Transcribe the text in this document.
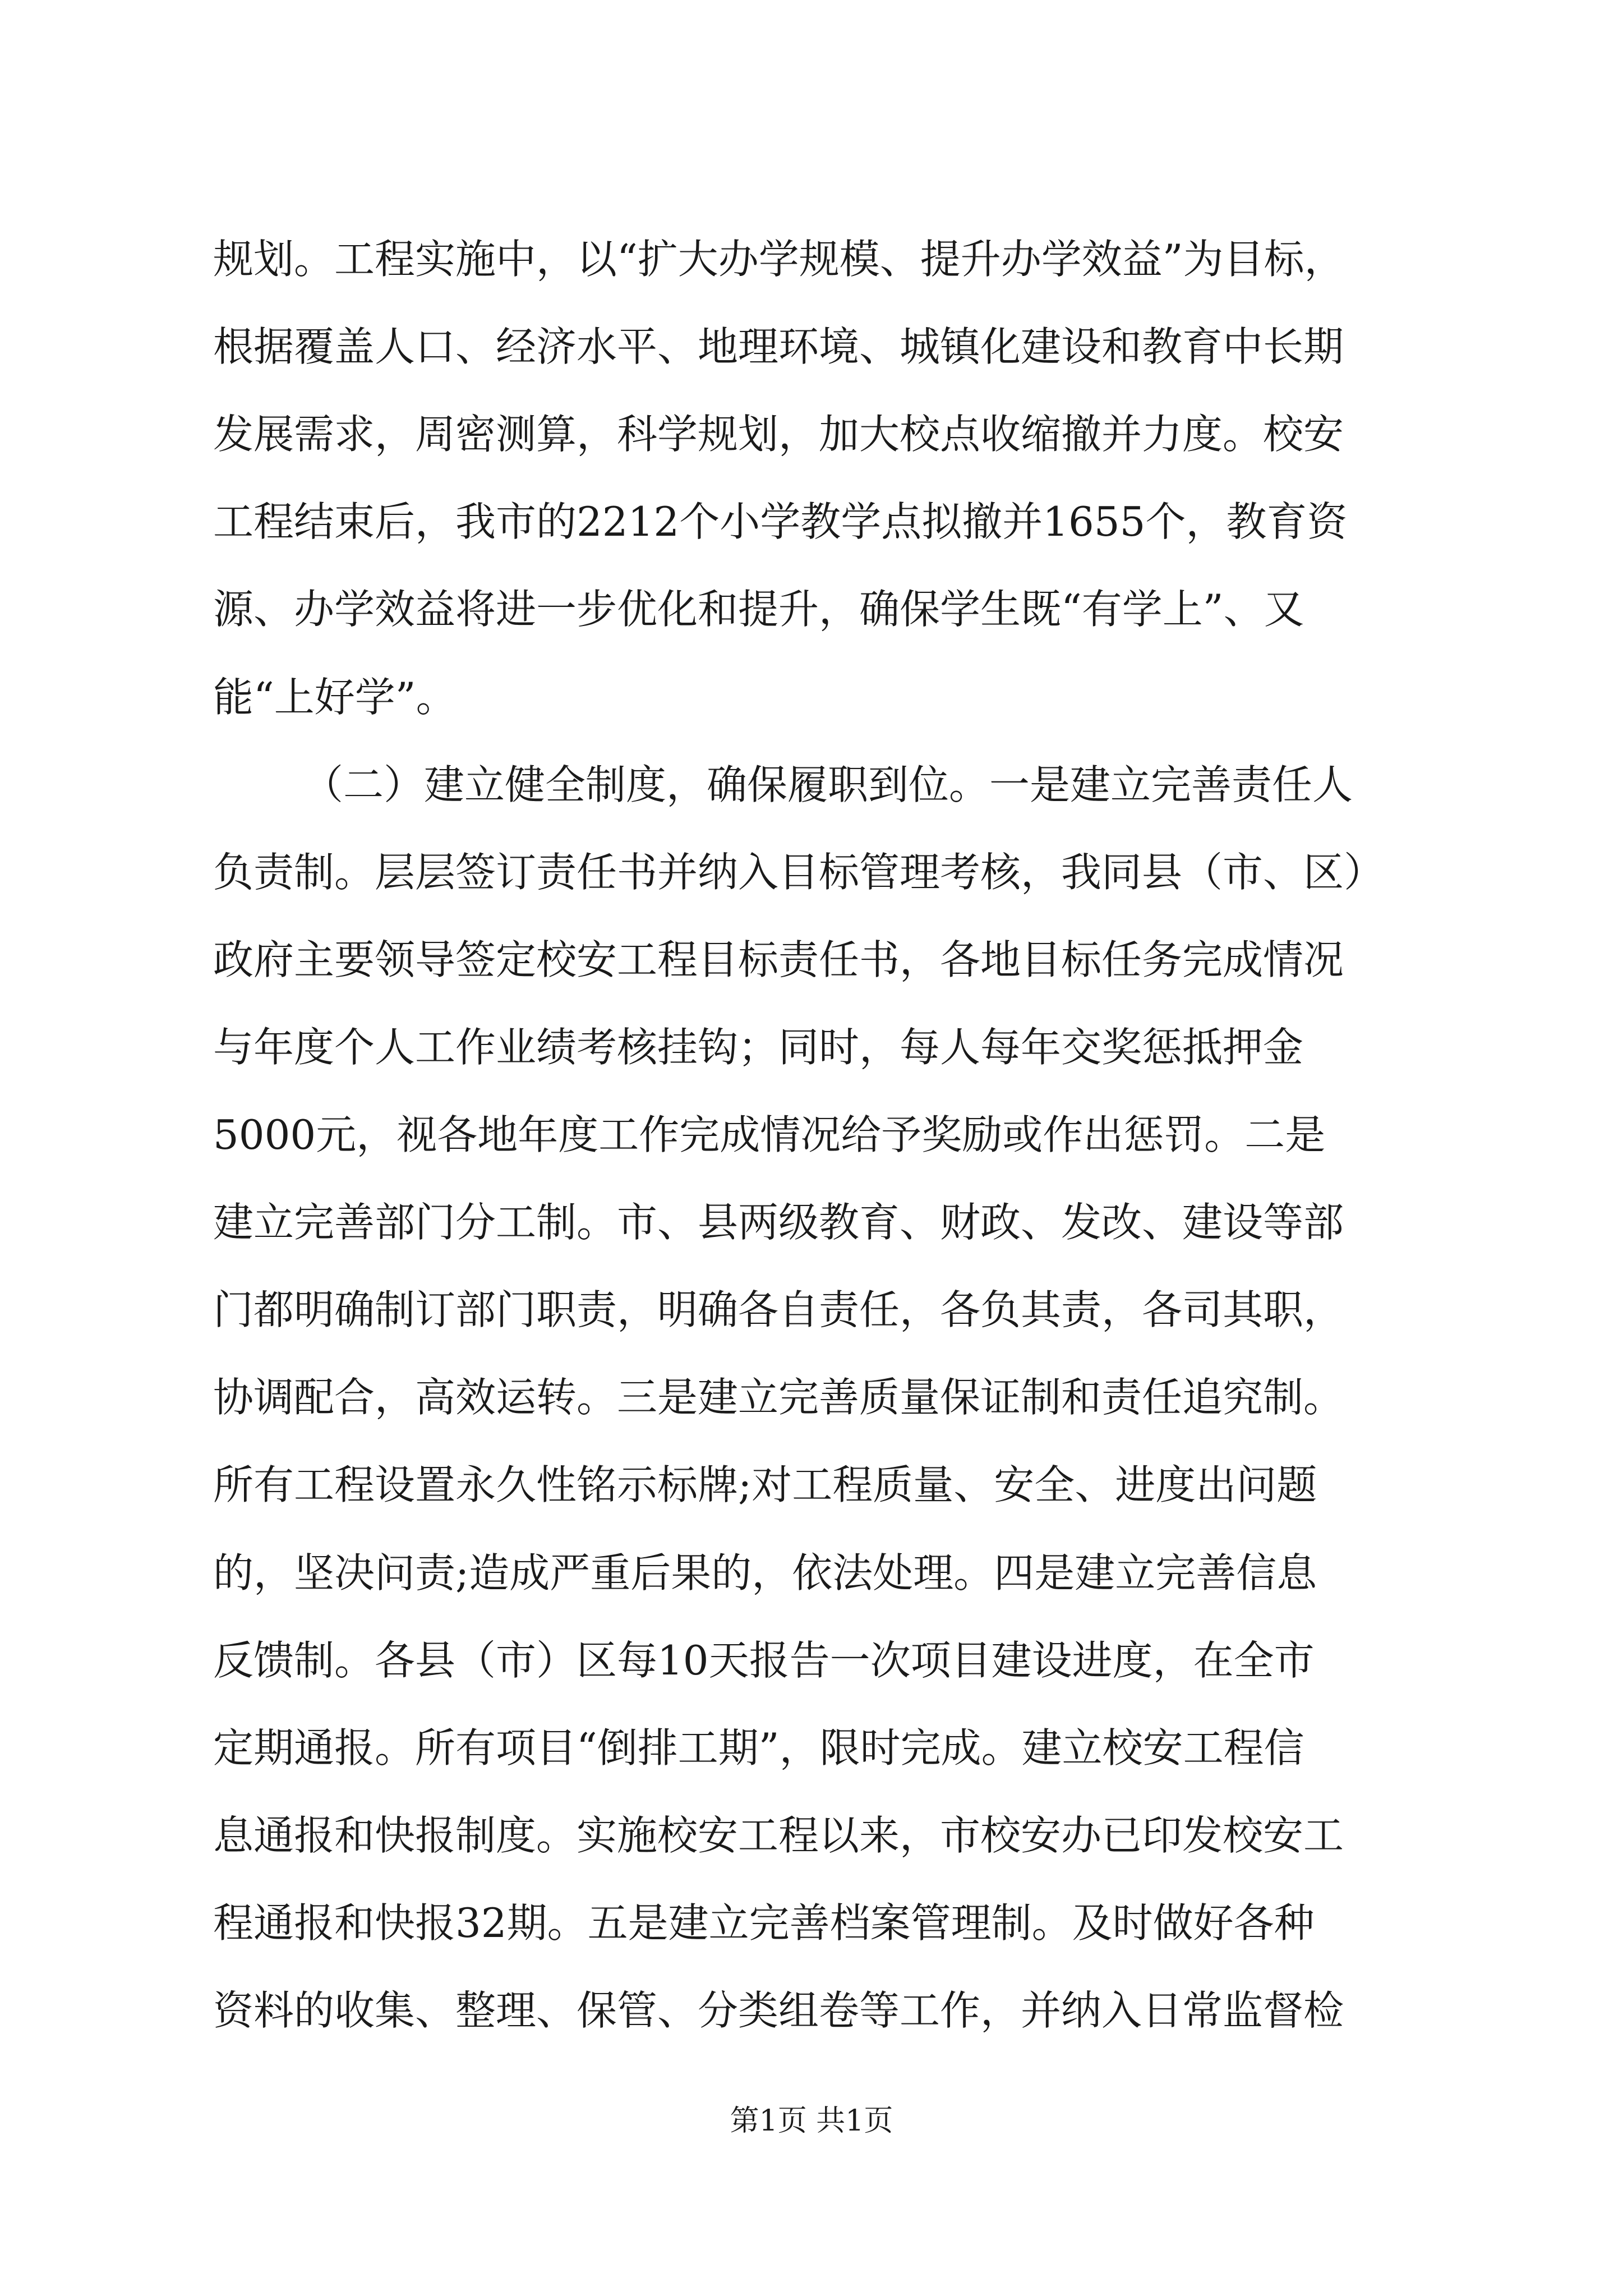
规划。工程实施中，以“扩大办学规模、提升办学效益”为目标，
根据覆盖人口、经济水平、地理环境、城镇化建设和教育中长期
发展需求，周密测算，科学规划，加大校点收缩撤并力度。校安
工程结束后，我市的2212个小学教学点拟撤并1655个，教育资
源、办学效益将进一步优化和提升，确保学生既“有学上”、又
能“上好学”。
（二）建立健全制度，确保履职到位。一是建立完善责任人
负责制。层层签订责任书并纳入目标管理考核，我同县（市、区）
政府主要领导签定校安工程目标责任书，各地目标任务完成情况
与年度个人工作业绩考核挂钩；同时，每人每年交奖惩抵押金
5000元，视各地年度工作完成情况给予奖励或作出惩罚。二是
建立完善部门分工制。市、县两级教育、财政、发改、建设等部
门都明确制订部门职责，明确各自责任，各负其责，各司其职，
协调配合，高效运转。三是建立完善质量保证制和责任追究制。
所有工程设置永久性铭示标牌;对工程质量、安全、进度出问题
的，坚决问责;造成严重后果的，依法处理。四是建立完善信息
反馈制。各县（市）区每10天报告一次项目建设进度，在全市
定期通报。所有项目“倒排工期”，限时完成。建立校安工程信
息通报和快报制度。实施校安工程以来，市校安办已印发校安工
程通报和快报32期。五是建立完善档案管理制。及时做好各种
资料的收集、整理、保管、分类组卷等工作，并纳入日常监督检
第1页 共1页
